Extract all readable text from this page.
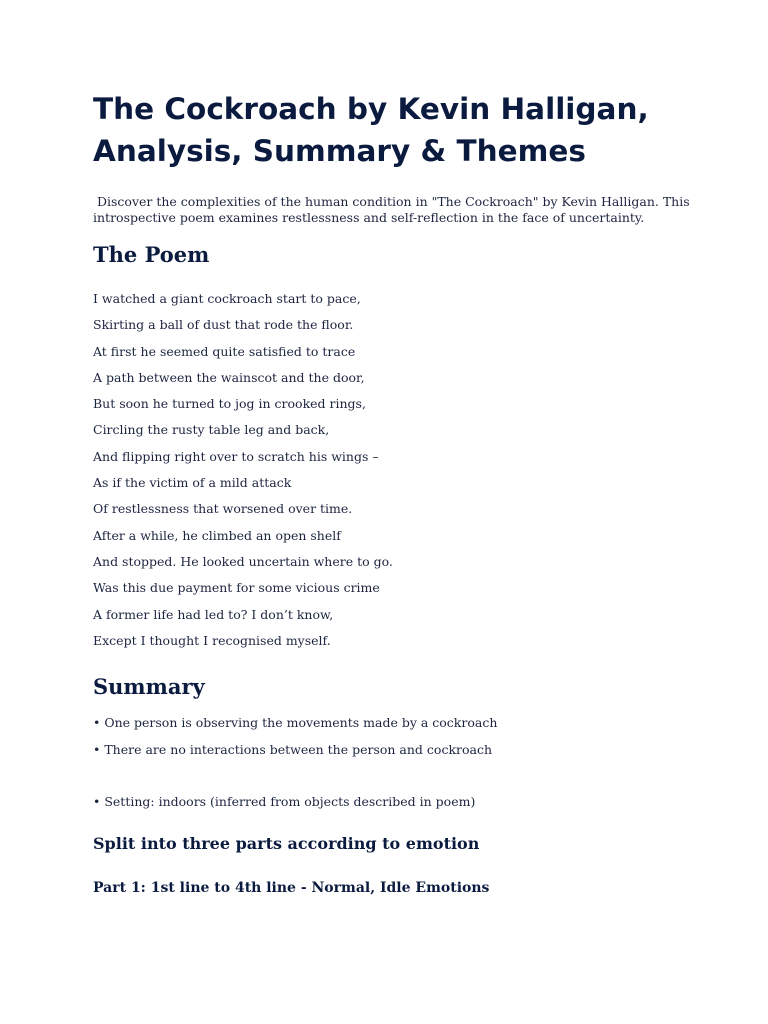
The Cockroach by Kevin Halligan,
Analysis, Summary & Themes

Discover the complexities of the human condition in "The Cockroach" by Kevin Halligan. This
introspective poem examines restlessness and self-reflection in the face of uncertainty.

The Poem
I watched a giant cockroach start to pace,
Skirting a ball of dust that rode the floor.
At first he seemed quite satisfied to trace
A path between the wainscot and the door,
But soon he turned to jog in crooked rings,
Circling the rusty table leg and back,
And flipping right over to scratch his wings –
As if the victim of a mild attack
Of restlessness that worsened over time.
After a while, he climbed an open shelf
And stopped. He looked uncertain where to go.
Was this due payment for some vicious crime
A former life had led to? I don’t know,
Except I thought I recognised myself.
Summary
• One person is observing the movements made by a cockroach
• There are no interactions between the person and cockroach
• Setting: indoors (inferred from objects described in poem)
Split into three parts according to emotion
Part 1: 1st line to 4th line - Normal, Idle Emotions
